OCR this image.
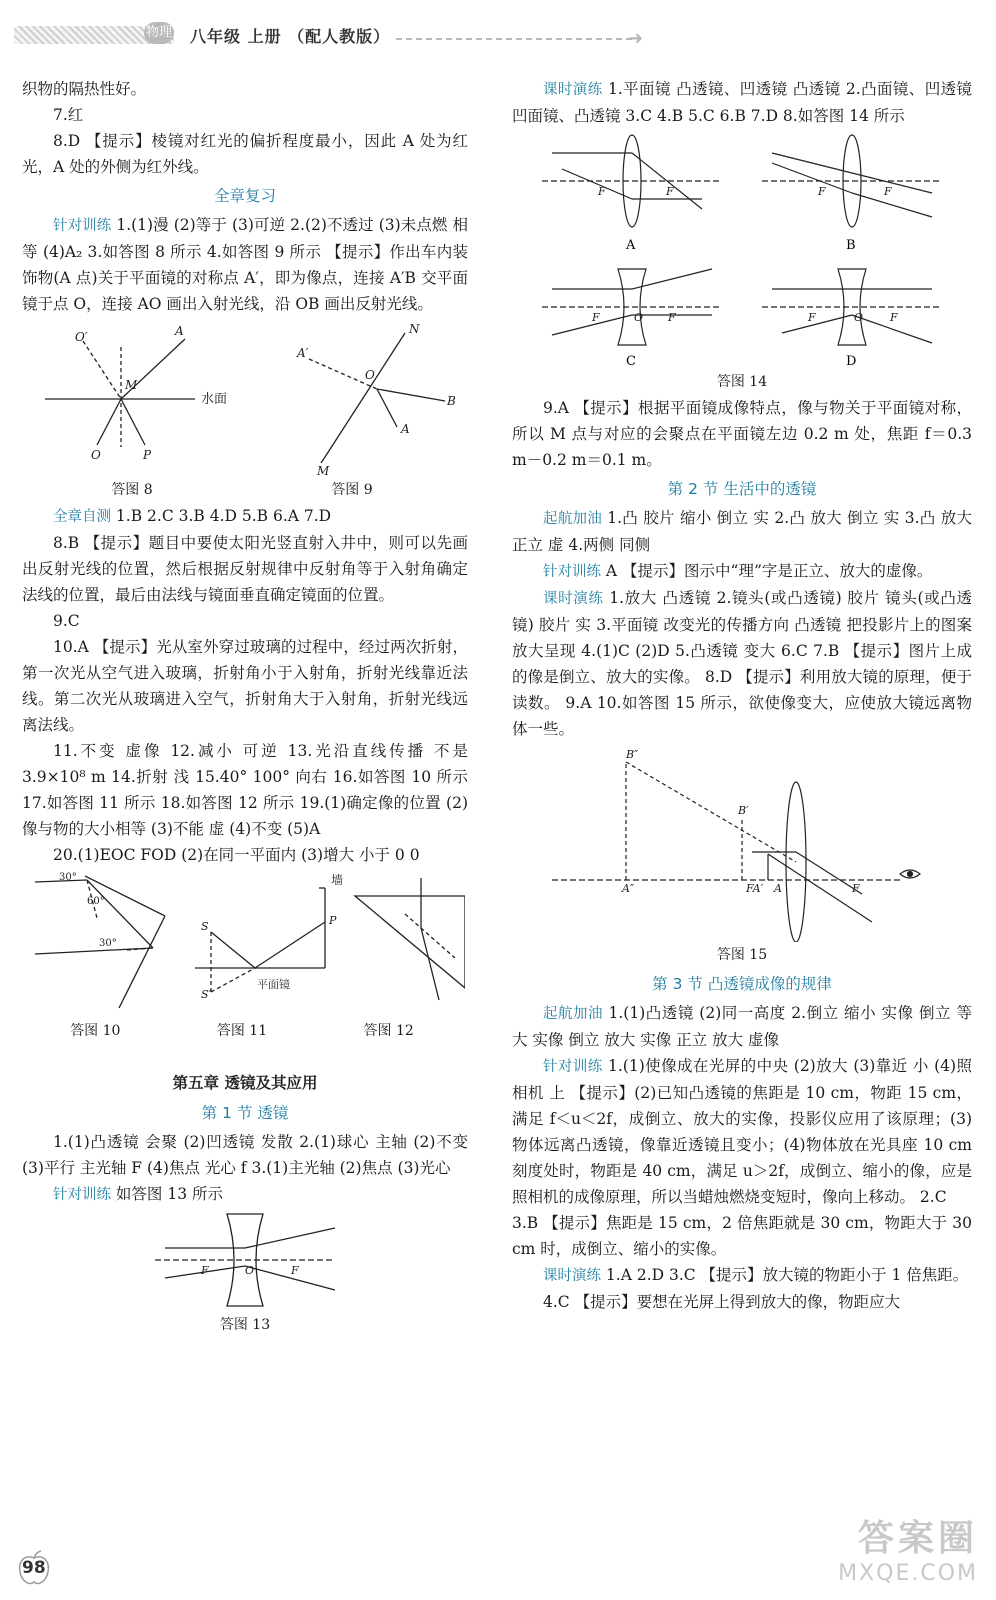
物理 八年级 上册 （配人教版）	➜

织物的隔热性好。

7.红

8.D 【提示】棱镜对红光的偏折程度最小，因此 A 处为红光，A 处的外侧为红外线。

全章复习

针对训练 1.(1)漫 (2)等于 (3)可逆 2.(2)不透过 (3)未点燃 相等 (4)A₂ 3.如答图 8 所示 4.如答图 9 所示 【提示】作出车内装饰物(A 点)关于平面镜的对称点 A′，即为像点，连接 A′B 交平面镜于点 O，连接 AO 画出入射光线，沿 OB 画出反射光线。

A
O′
M
O	P
水面
A′
O
B
A
N
M
答图 8	答图 9

全章自测 1.B 2.C 3.B 4.D 5.B 6.A 7.D

8.B 【提示】题目中要使太阳光竖直射入井中，则可以先画出反射光线的位置，然后根据反射规律中反射角等于入射角确定法线的位置，最后由法线与镜面垂直确定镜面的位置。

9.C

10.A 【提示】光从室外穿过玻璃的过程中，经过两次折射，第一次光从空气进入玻璃，折射角小于入射角，折射光线靠近法线。第二次光从玻璃进入空气，折射角大于入射角，折射光线远离法线。

11.不变 虚像 12.减小 可逆 13.光沿直线传播 不是 3.9×10⁸ m 14.折射 浅 15.40° 100° 向右 16.如答图 10 所示 17.如答图 11 所示 18.如答图 12 所示 19.(1)确定像的位置 (2)像与物的大小相等 (3)不能 虚 (4)不变 (5)A

20.(1)EOC FOD (2)在同一平面内 (3)增大 小于 0 0

30°
60°
30°
S	P
S′
墙
平面镜
答图 10	答图 11	答图 12

第五章 透镜及其应用

第 1 节 透镜

1.(1)凸透镜 会聚 (2)凹透镜 发散 2.(1)球心 主轴 (2)不变 (3)平行 主光轴 F (4)焦点 光心 f 3.(1)主光轴 (2)焦点 (3)光心

针对训练 如答图 13 所示

F	O	F

答图 13

课时演练 1.平面镜 凸透镜、凹透镜 凸透镜 2.凸面镜、凹透镜 凹面镜、凸透镜 3.C 4.B 5.C 6.B 7.D 8.如答图 14 所示

F	F	F	F
F	O F	F	O F
A	B
C	D

答图 14

9.A 【提示】根据平面镜成像特点，像与物关于平面镜对称，所以 M 点与对应的会聚点在平面镜左边 0.2 m 处，焦距 f＝0.3 m－0.2 m＝0.1 m。

第 2 节 生活中的透镜

起航加油 1.凸 胶片 缩小 倒立 实 2.凸 放大 倒立 实 3.凸 放大 正立 虚 4.两侧 同侧

针对训练 A 【提示】图示中“理”字是正立、放大的虚像。

课时演练 1.放大 凸透镜 2.镜头(或凸透镜) 胶片 镜头(或凸透镜) 胶片 实 3.平面镜 改变光的传播方向 凸透镜 把投影片上的图案放大呈现 4.(1)C (2)D 5.凸透镜 变大 6.C 7.B 【提示】图片上成的像是倒立、放大的实像。 8.D 【提示】利用放大镜的原理，便于读数。 9.A 10.如答图 15 所示，欲使像变大，应使放大镜远离物体一些。

A″
B″
B′
FA′ A	F

答图 15

第 3 节 凸透镜成像的规律

起航加油 1.(1)凸透镜 (2)同一高度 2.倒立 缩小 实像 倒立 等大 实像 倒立 放大 实像 正立 放大 虚像

针对训练 1.(1)使像成在光屏的中央 (2)放大 (3)靠近 小 (4)照相机 上 【提示】(2)已知凸透镜的焦距是 10 cm，物距 15 cm，满足 f＜u＜2f，成倒立、放大的实像，投影仪应用了该原理；(3)物体远离凸透镜，像靠近透镜且变小；(4)物体放在光具座 10 cm 刻度处时，物距是 40 cm，满足 u＞2f，成倒立、缩小的像，应是照相机的成像原理，所以当蜡烛燃烧变短时，像向上移动。 2.C

3.B 【提示】焦距是 15 cm，2 倍焦距就是 30 cm，物距大于 30 cm 时，成倒立、缩小的实像。

课时演练 1.A 2.D 3.C 【提示】放大镜的物距小于 1 倍焦距。

4.C 【提示】要想在光屏上得到放大的像，物距应大

98
答案圈
MXQE.COM
